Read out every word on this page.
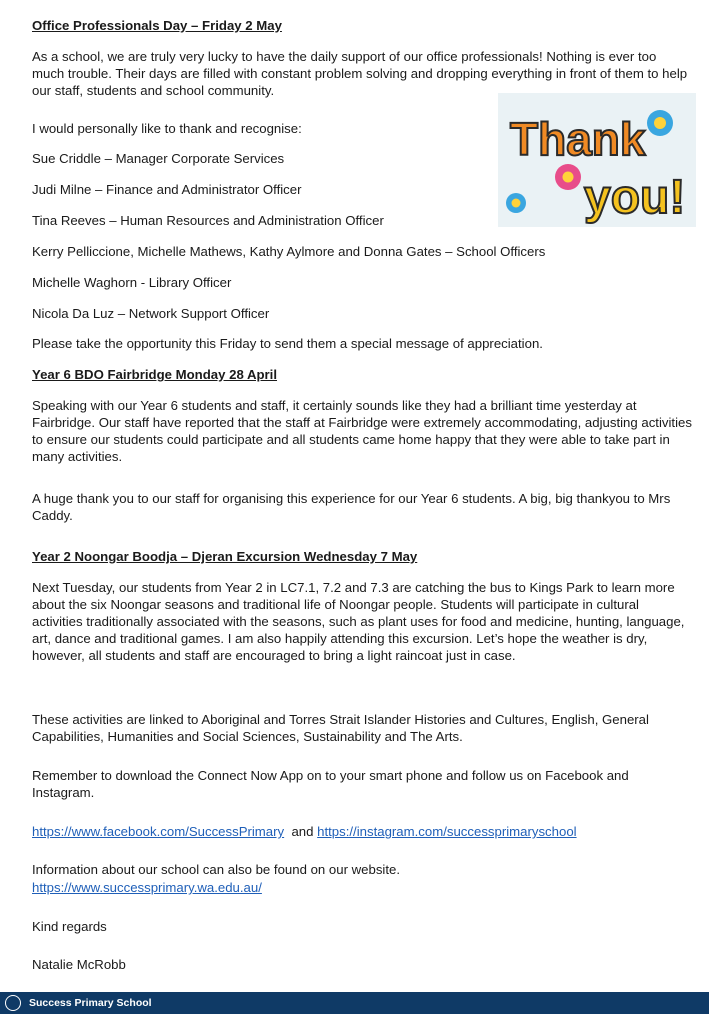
Office Professionals Day – Friday 2 May

As a school, we are truly very lucky to have the daily support of our office professionals! Nothing is ever too much trouble. Their days are filled with constant problem solving and dropping everything in front of them to help our staff, students and school community.

I would personally like to thank and recognise:

Sue Criddle – Manager Corporate Services

Judi Milne – Finance and Administrator Officer

Tina Reeves – Human Resources and Administration Officer

Kerry Pelliccione, Michelle Mathews, Kathy Aylmore and Donna Gates – School Officers

Michelle Waghorn - Library Officer

Nicola Da Luz – Network Support Officer

Please take the opportunity this Friday to send them a special message of appreciation.

Year 6 BDO Fairbridge Monday 28 April

Speaking with our Year 6 students and staff, it certainly sounds like they had a brilliant time yesterday at Fairbridge. Our staff have reported that the staff at Fairbridge were extremely accommodating, adjusting activities to ensure our students could participate and all students came home happy that they were able to take part in many activities.

A huge thank you to our staff for organising this experience for our Year 6 students. A big, big thankyou to Mrs Caddy.

Year 2 Noongar Boodja – Djeran Excursion Wednesday 7 May

Next Tuesday, our students from Year 2 in LC7.1, 7.2 and 7.3 are catching the bus to Kings Park to learn more about the six Noongar seasons and traditional life of Noongar people. Students will participate in cultural activities traditionally associated with the seasons, such as plant uses for food and medicine, hunting, language, art, dance and traditional games. I am also happily attending this excursion. Let’s hope the weather is dry, however, all students and staff are encouraged to bring a light raincoat just in case.

These activities are linked to Aboriginal and Torres Strait Islander Histories and Cultures, English, General Capabilities, Humanities and Social Sciences, Sustainability and The Arts.

Remember to download the Connect Now App on to your smart phone and follow us on Facebook and Instagram.

https://www.facebook.com/SuccessPrimary and https://instagram.com/successprimaryschool

Information about our school can also be found on our website.

https://www.successprimary.wa.edu.au/

Kind regards

Natalie McRobb

Thank
you!
Success Primary School
